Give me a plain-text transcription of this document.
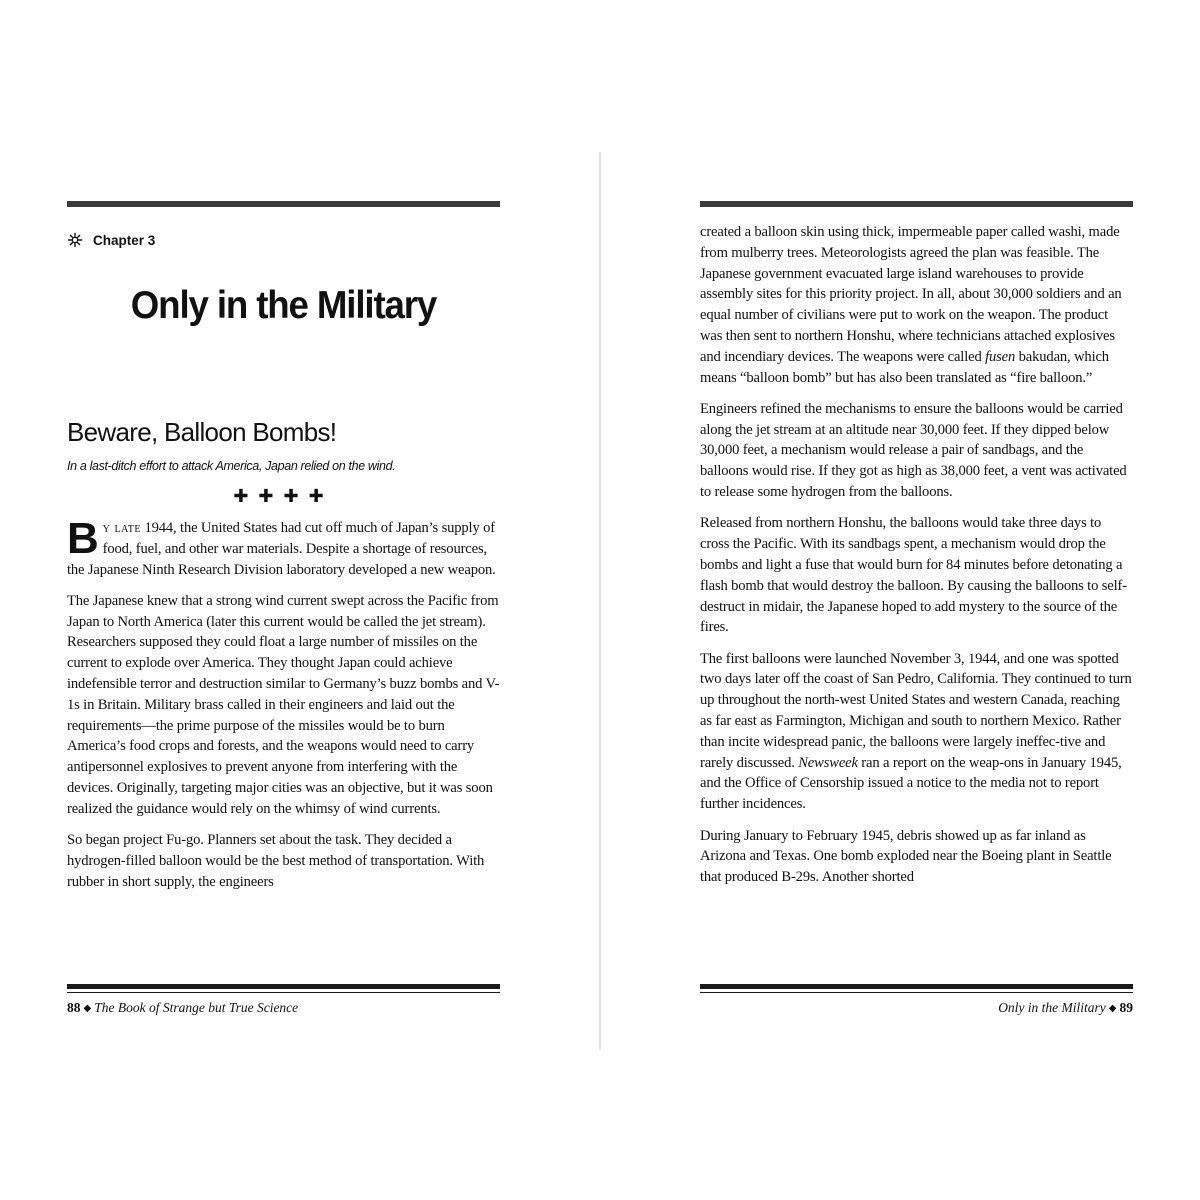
Chapter 3
Only in the Military
Beware, Balloon Bombs!

In a last-ditch effort to attack America, Japan relied on the wind.

✚✚✚✚

By late 1944, the United States had cut off much of Japan’s supply of food, fuel, and other war materials. Despite a shortage of resources, the Japanese Ninth Research Division laboratory developed a new weapon.

The Japanese knew that a strong wind current swept across the Pacific from Japan to North America (later this current would be called the jet stream). Researchers supposed they could float a large number of missiles on the current to explode over America. They thought Japan could achieve indefensible terror and destruction similar to Germany’s buzz bombs and V-1s in Britain. Military brass called in their engineers and laid out the requirements—the prime purpose of the missiles would be to burn America’s food crops and forests, and the weapons would need to carry antipersonnel explosives to prevent anyone from interfering with the devices. Originally, targeting major cities was an objective, but it was soon realized the guidance would rely on the whimsy of wind currents.

So began project Fu-go. Planners set about the task. They decided a hydrogen-filled balloon would be the best method of transportation. With rubber in short supply, the engineers

88 ◆ The Book of Strange but True Science

created a balloon skin using thick, impermeable paper called washi, made from mulberry trees. Meteorologists agreed the plan was feasible. The Japanese government evacuated large island warehouses to provide assembly sites for this priority project. In all, about 30,000 soldiers and an equal number of civilians were put to work on the weapon. The product was then sent to northern Honshu, where technicians attached explosives and incendiary devices. The weapons were called fusen bakudan, which means “balloon bomb” but has also been translated as “fire balloon.”

Engineers refined the mechanisms to ensure the balloons would be carried along the jet stream at an altitude near 30,000 feet. If they dipped below 30,000 feet, a mechanism would release a pair of sandbags, and the balloons would rise. If they got as high as 38,000 feet, a vent was activated to release some hydrogen from the balloons.

Released from northern Honshu, the balloons would take three days to cross the Pacific. With its sandbags spent, a mechanism would drop the bombs and light a fuse that would burn for 84 minutes before detonating a flash bomb that would destroy the balloon. By causing the balloons to self-destruct in midair, the Japanese hoped to add mystery to the source of the fires.

The first balloons were launched November 3, 1944, and one was spotted two days later off the coast of San Pedro, California. They continued to turn up throughout the north-west United States and western Canada, reaching as far east as Farmington, Michigan and south to northern Mexico. Rather than incite widespread panic, the balloons were largely ineffec-tive and rarely discussed. Newsweek ran a report on the weap-ons in January 1945, and the Office of Censorship issued a notice to the media not to report further incidences.

During January to February 1945, debris showed up as far inland as Arizona and Texas. One bomb exploded near the Boeing plant in Seattle that produced B-29s. Another shorted

Only in the Military ◆ 89
